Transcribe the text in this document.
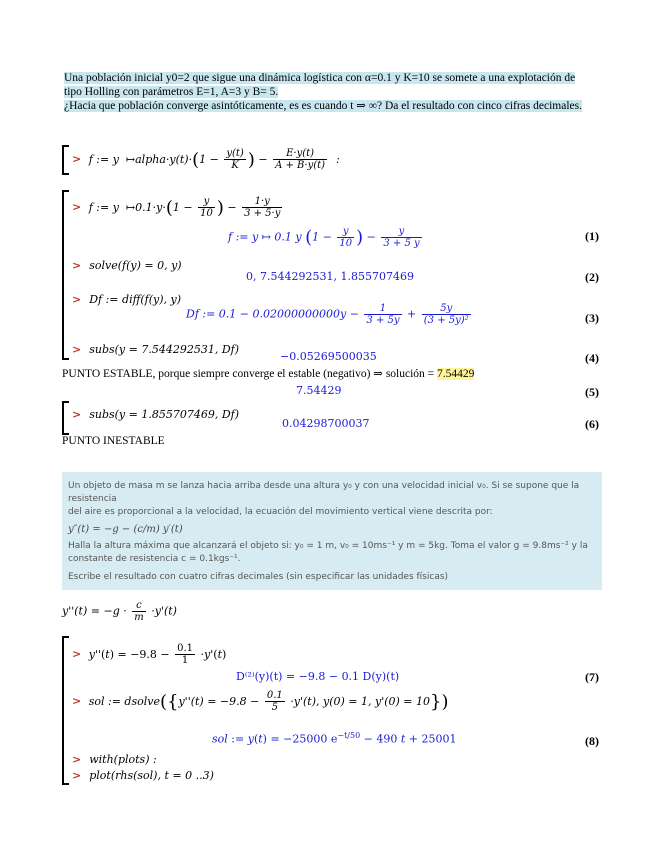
Una población inicial y0=2 que sigue una dinámica logística con α=0.1 y K=10 se somete a una explotación de
tipo Holling con parámetros E=1, A=3 y B= 5.
¿Hacia que población converge asintóticamente, es es cuando t ⇒ ∞? Da el resultado con cinco cifras decimales.
>  f := y  ↦alpha·y(t)·(1 − $\frac{y(t)}{K}$ ) − $\frac{E\cdot y(t)}{A + B\cdot y(t)}$ :
>  f := y  ↦0.1·y·(1 − $\frac{y}{10}$ ) − $\frac{1\cdot y}{3 + 5\cdot y}$
f := y ↦ 0.1 y ($1 - \frac{y}{10}$ ) − $\frac{y}{3 + 5 y}$	(1)
> solve(f(y) = 0, y)
0, 7.544292531, 1.855707469	(2)
> Df := diff(f(y), y)
Df := $0.1 - 0.02000000000y - \frac{1}{3 + 5y} + \frac{5y}{\text{(3 + 5y)²}}$	(3)
> subs(y = 7.544292531, Df)
−0.05269500035	(4)
PUNTO ESTABLE, porque siempre converge el estable (negativo) ⇒ solución = 7.54429
7.54429	(5)
> subs(y = 1.855707469, Df)
0.04298700037	(6)
PUNTO INESTABLE
Un objeto de masa m se lanza hacia arriba desde una altura y₀ y con una velocidad inicial v₀. Si se supone que la resistencia
del aire es proporcional a la velocidad, la ecuación del movimiento vertical viene descrita por:
y″(t) = −g − (c/m) y′(t)
Halla la altura máxima que alcanzará el objeto si: y₀ = 1 m, v₀ = 10ms⁻¹ y m = 5kg. Toma el valor g = 9.8ms⁻² y la
constante de resistencia c = 0.1kgs⁻¹.
Escribe el resultado con cuatro cifras decimales (sin especificar las unidades físicas)
$y''(t) = -g \cdot \frac{c}{m} \cdot y'(t)$
> $y''(t) = -9.8 - \frac{0.1}{1} \cdot y'(t)$
D⁽²⁾(y)(t) = −9.8 − 0.1 D(y)(t)	(7)
>  sol := dsolve({y''(t) = $-9.8 - \frac{0.1}{5} \cdot y'(t)$, y(0) = 1, y'(0) = 10})
sol := y(t) = −25000 $e^{-t/50} - 490$ t + 25001	(8)
> with(plots) :
> plot(rhs(sol), t = 0 ..3)
